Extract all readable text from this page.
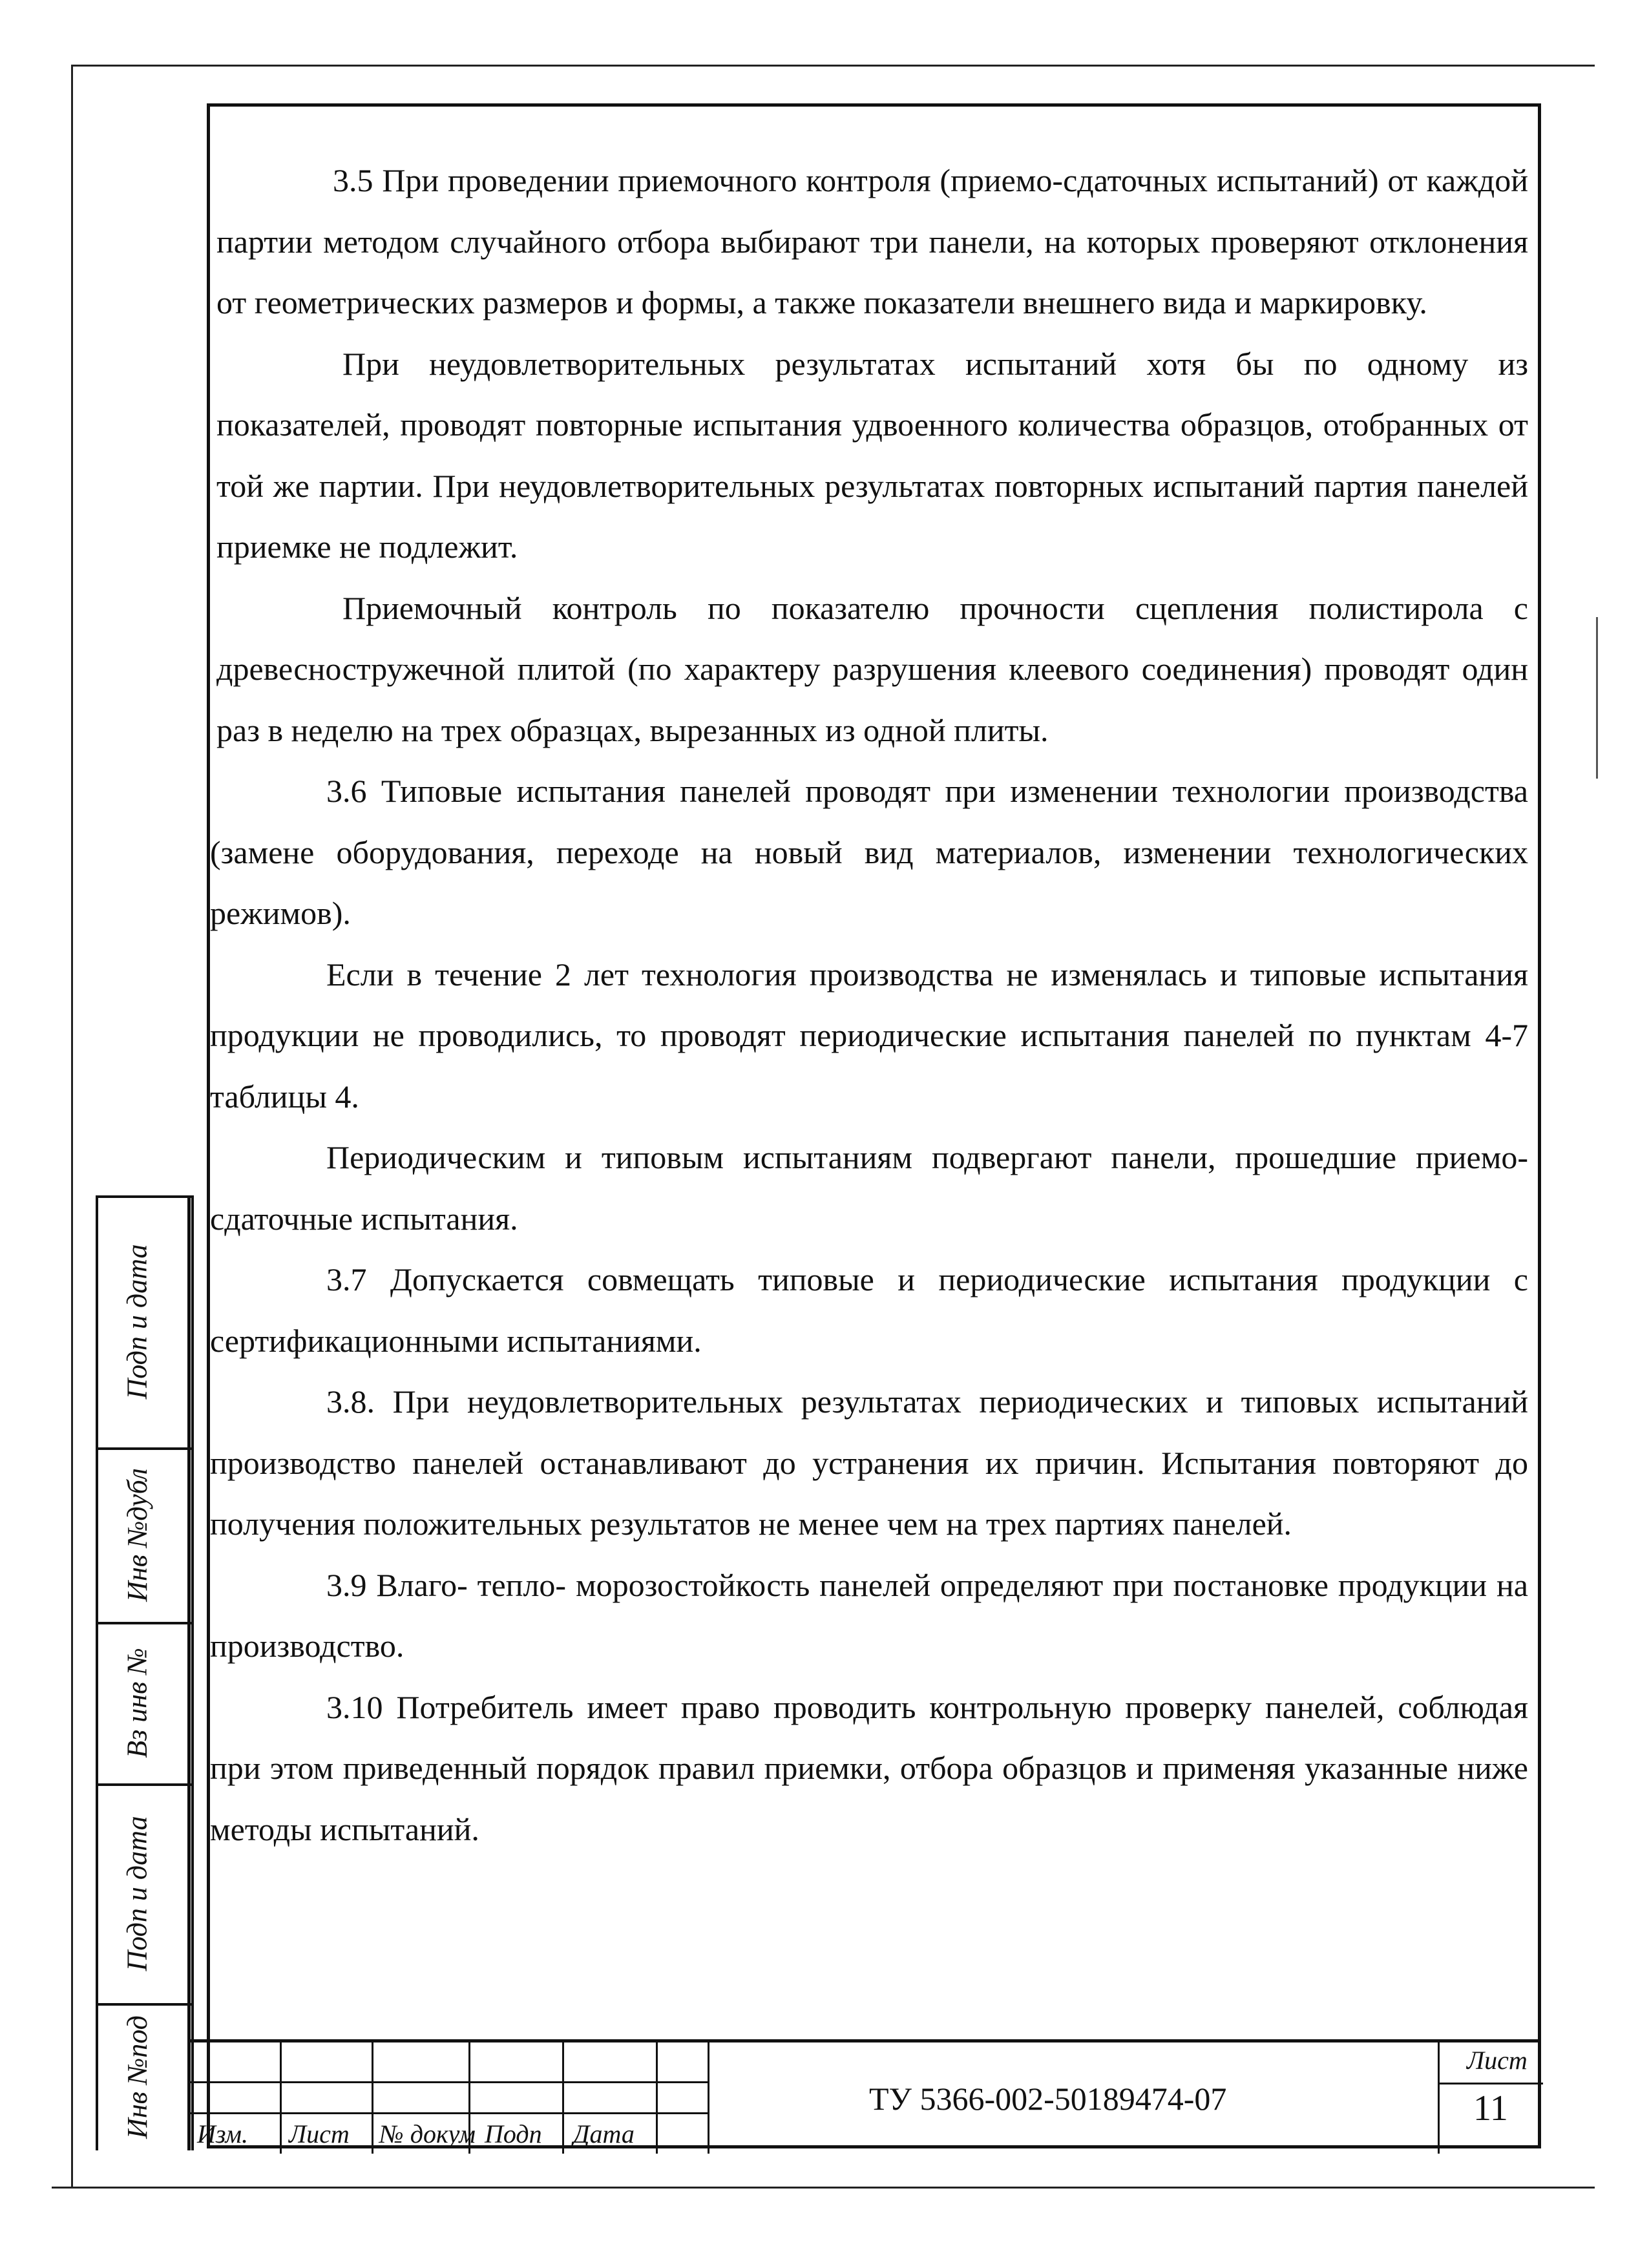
3.5 При проведении приемочного контроля (приемо-сдаточных испытаний) от каждой партии методом случайного отбора выбирают три панели, на которых проверяют отклонения от геометрических размеров и формы, а также показатели внешнего вида и маркировку.

При неудовлетворительных результатах испытаний хотя бы по одному из показателей, проводят повторные испытания удвоенного количества образцов, отобранных от той же партии. При неудовлетворительных результатах повторных испытаний партия панелей приемке не подлежит.

Приемочный контроль по показателю прочности сцепления полистирола с древесностружечной плитой (по характеру разрушения клеевого соединения) проводят один раз в неделю на трех образцах, вырезанных из одной плиты.

3.6 Типовые испытания панелей проводят при изменении технологии производства (замене оборудования, переходе на новый вид материалов, изменении технологических режимов).

Если в течение 2 лет технология производства не изменялась и типовые испытания продукции не проводились, то проводят периодические испытания панелей по пунктам 4-7 таблицы 4.

Периодическим и типовым испытаниям подвергают панели, прошедшие приемо-сдаточные испытания.

3.7 Допускается совмещать типовые и периодические испытания продукции с сертификационными испытаниями.

3.8. При неудовлетворительных результатах периодических и типовых испытаний производство панелей останавливают до устранения их причин. Испытания повторяют до получения положительных результатов не менее чем на трех партиях панелей.

3.9 Влаго- тепло- морозостойкость панелей определяют при постановке продукции на производство.

3.10 Потребитель имеет право проводить контрольную проверку панелей, соблюдая при этом приведенный порядок правил приемки, отбора образцов и применяя указанные ниже методы испытаний.

Подп и дата
Инв №дубл
Вз инв №
Подп и дата
Инв №под Изм. Лист № докум Подп Дата
ТУ 5366-002-50189474-07
Лист
11
